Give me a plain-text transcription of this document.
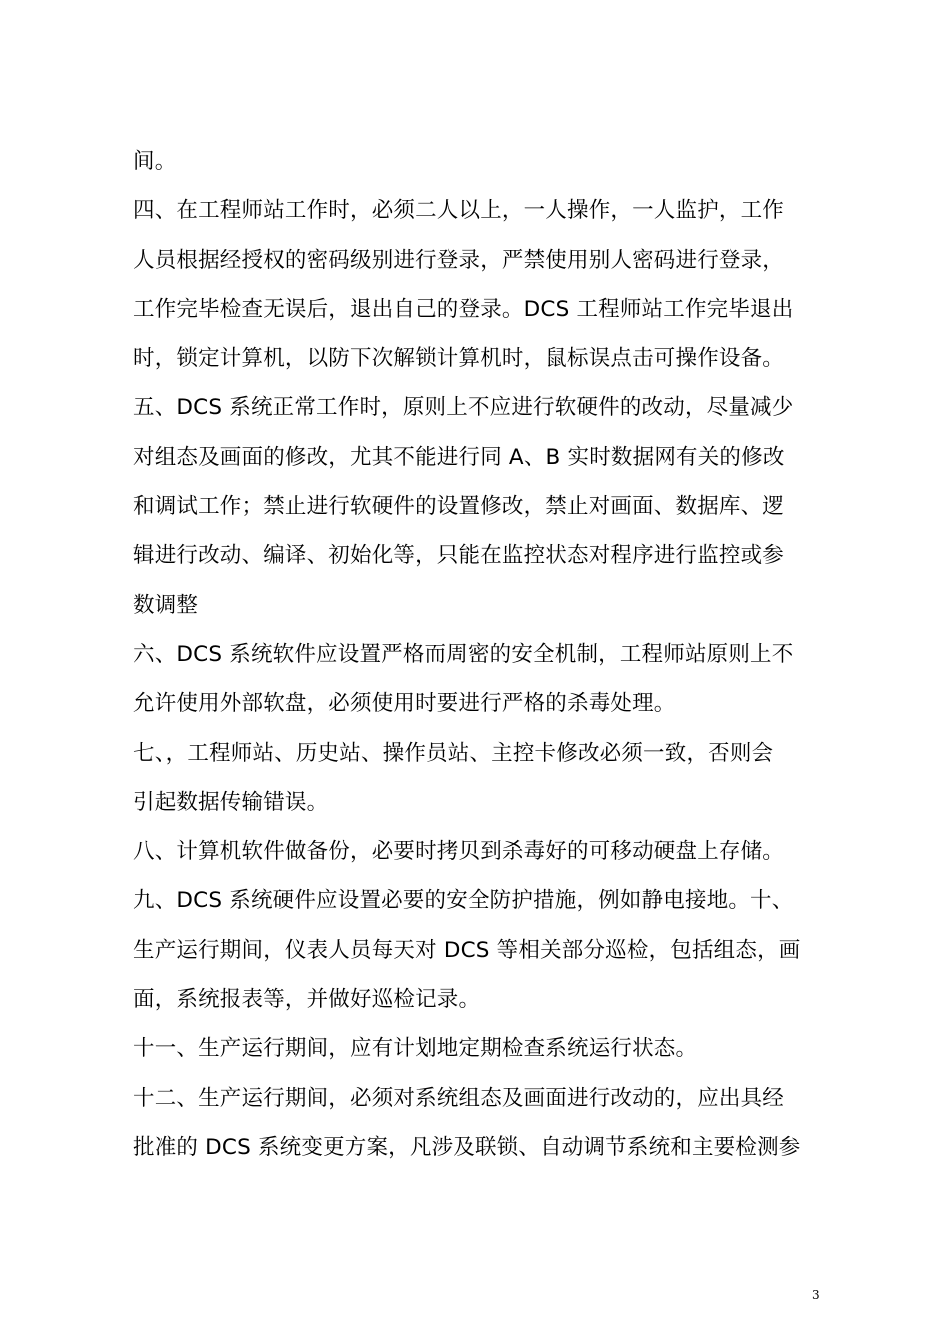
间。
四、在工程师站工作时，必须二人以上，一人操作，一人监护，工作
人员根据经授权的密码级别进行登录，严禁使用别人密码进行登录，
工作完毕检查无误后，退出自己的登录。DCS 工程师站工作完毕退出
时，锁定计算机，以防下次解锁计算机时，鼠标误点击可操作设备。
五、DCS 系统正常工作时，原则上不应进行软硬件的改动，尽量减少
对组态及画面的修改，尤其不能进行同 A、B 实时数据网有关的修改
和调试工作；禁止进行软硬件的设置修改，禁止对画面、数据库、逻
辑进行改动、编译、初始化等，只能在监控状态对程序进行监控或参
数调整
六、DCS 系统软件应设置严格而周密的安全机制，工程师站原则上不
允许使用外部软盘，必须使用时要进行严格的杀毒处理。
七、，工程师站、历史站、操作员站、主控卡修改必须一致，否则会
引起数据传输错误。
八、计算机软件做备份，必要时拷贝到杀毒好的可移动硬盘上存储。
九、DCS 系统硬件应设置必要的安全防护措施，例如静电接地。十、
生产运行期间，仪表人员每天对 DCS 等相关部分巡检，包括组态，画
面，系统报表等，并做好巡检记录。
十一、生产运行期间，应有计划地定期检查系统运行状态。
十二、生产运行期间，必须对系统组态及画面进行改动的，应出具经
批准的 DCS 系统变更方案，凡涉及联锁、自动调节系统和主要检测参
3
